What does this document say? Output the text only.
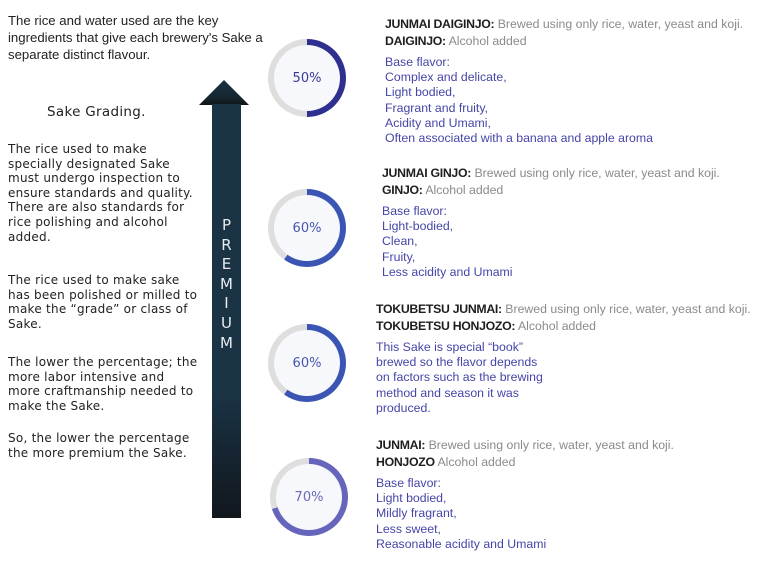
The rice and water used are the key ingredients that give each brewery's Sake a separate distinct flavour.
Sake Grading.
The rice used to make specially designated Sake must undergo inspection to ensure standards and quality. There are also standards for rice polishing and alcohol added.
The rice used to make sake has been polished or milled to make the “grade” or class of Sake.
The lower the percentage; the more labor intensive and more craftmanship needed to make the Sake.
So, the lower the percentage the more premium the Sake.
P
R
E
M
I
U
M
50%
60%
60%
70%
JUNMAI DAIGINJO: Brewed using only rice, water, yeast and koji.
DAIGINJO: Alcohol added
Base flavor:
Complex and delicate,
Light bodied,
Fragrant and fruity,
Acidity and Umami,
Often associated with a banana and apple aroma
JUNMAI GINJO: Brewed using only rice, water, yeast and koji.
GINJO: Alcohol added
Base flavor:
Light-bodied,
Clean,
Fruity,
Less acidity and Umami
TOKUBETSU JUNMAI: Brewed using only rice, water, yeast and koji.
TOKUBETSU HONJOZO: Alcohol added
This Sake is special “book”
brewed so the flavor depends
on factors such as the brewing
method and season it was
produced.
JUNMAI: Brewed using only rice, water, yeast and koji.
HONJOZO Alcohol added
Base flavor:
Light bodied,
Mildly fragrant,
Less sweet,
Reasonable acidity and Umami
